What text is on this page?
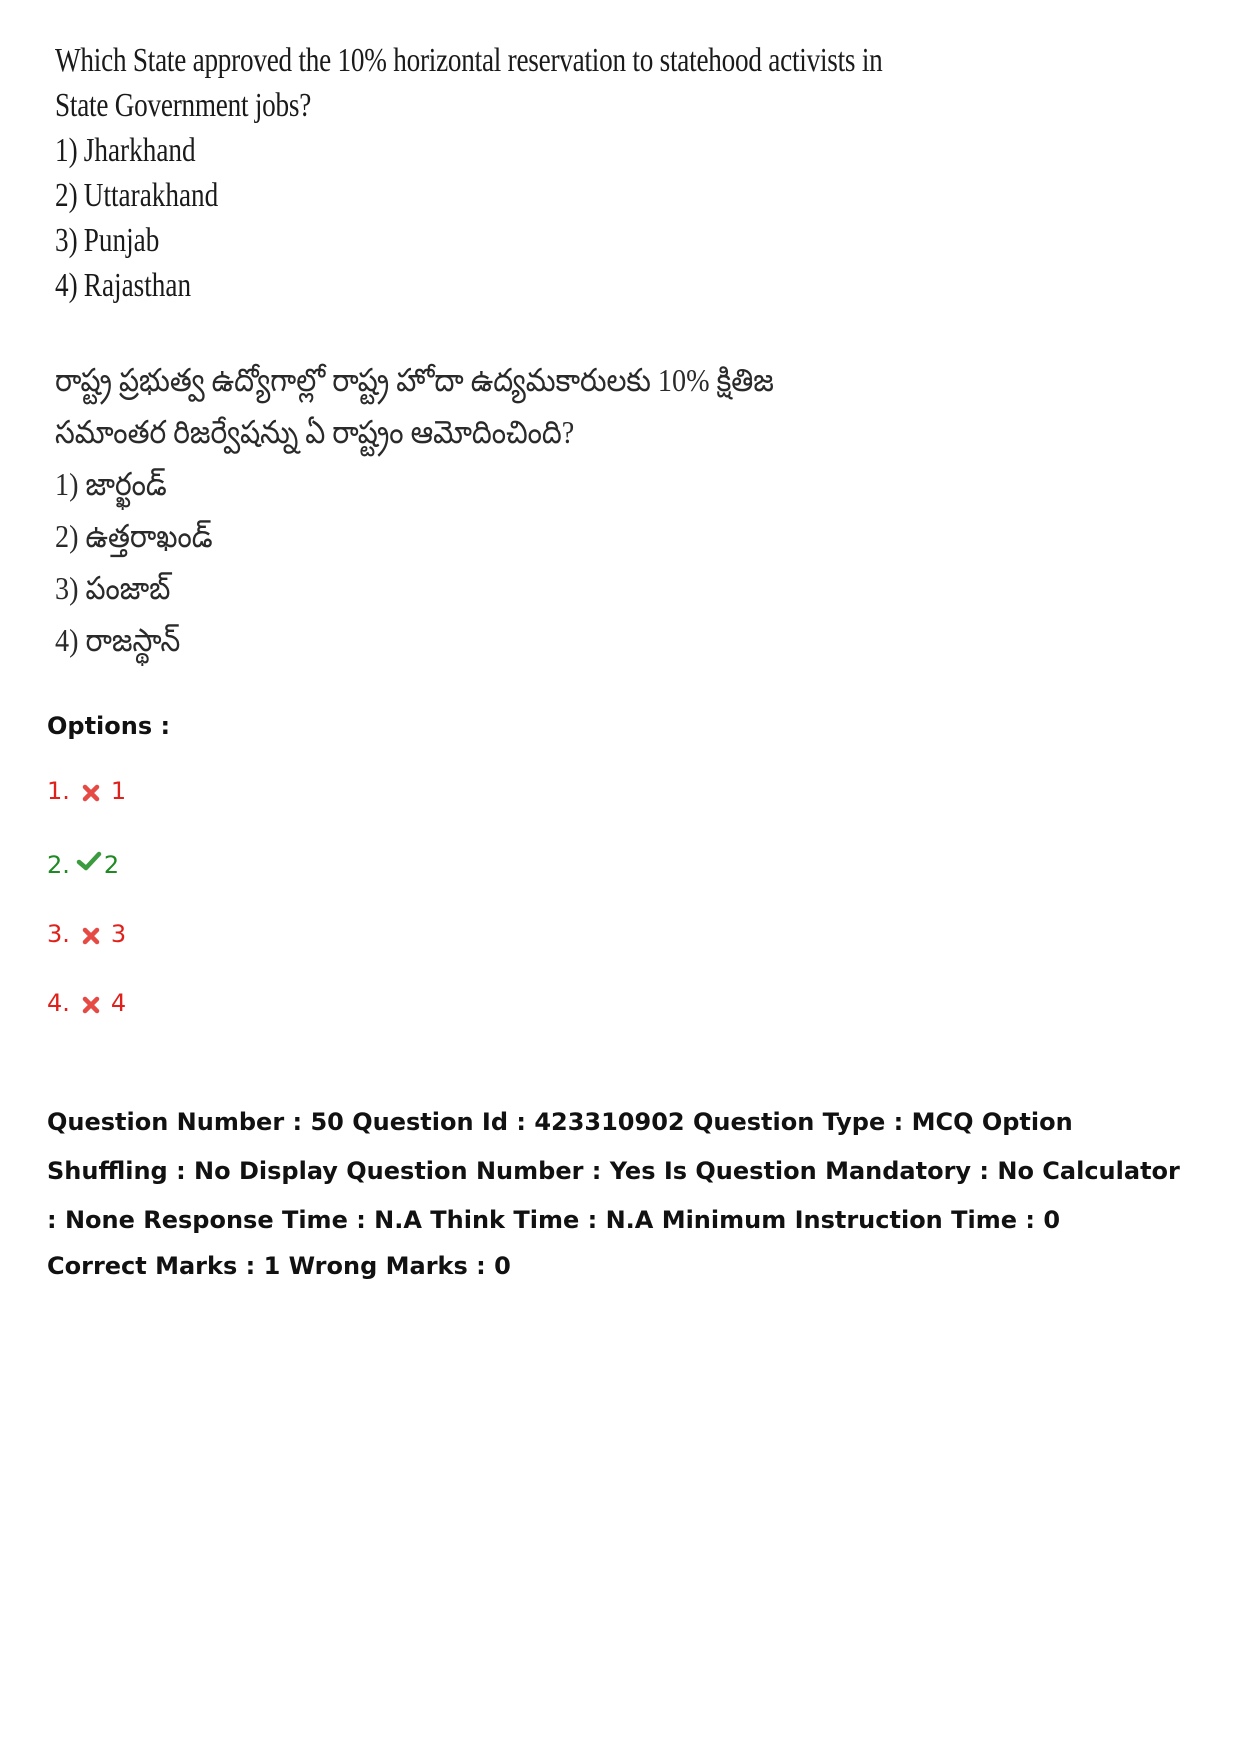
Which State approved the 10% horizontal reservation to statehood activists in State Government jobs?
1) Jharkhand
2) Uttarakhand
3) Punjab
4) Rajasthan
రాష్ట్ర ప్రభుత్వ ఉద్యోగాల్లో రాష్ట్ర హోదా ఉద్యమకారులకు 10% క్షితిజ సమాంతర రిజర్వేషన్ను ఏ రాష్ట్రం ఆమోదించింది?
1) జార్ఖండ్
2) ఉత్తరాఖండ్
3) పంజాబ్
4) రాజస్థాన్
Options :
1. 1
2. 2
3. 3
4. 4
Question Number : 50 Question Id : 423310902 Question Type : MCQ Option Shuffling : No Display Question Number : Yes Is Question Mandatory : No Calculator : None Response Time : N.A Think Time : N.A Minimum Instruction Time : 0
Correct Marks : 1 Wrong Marks : 0
